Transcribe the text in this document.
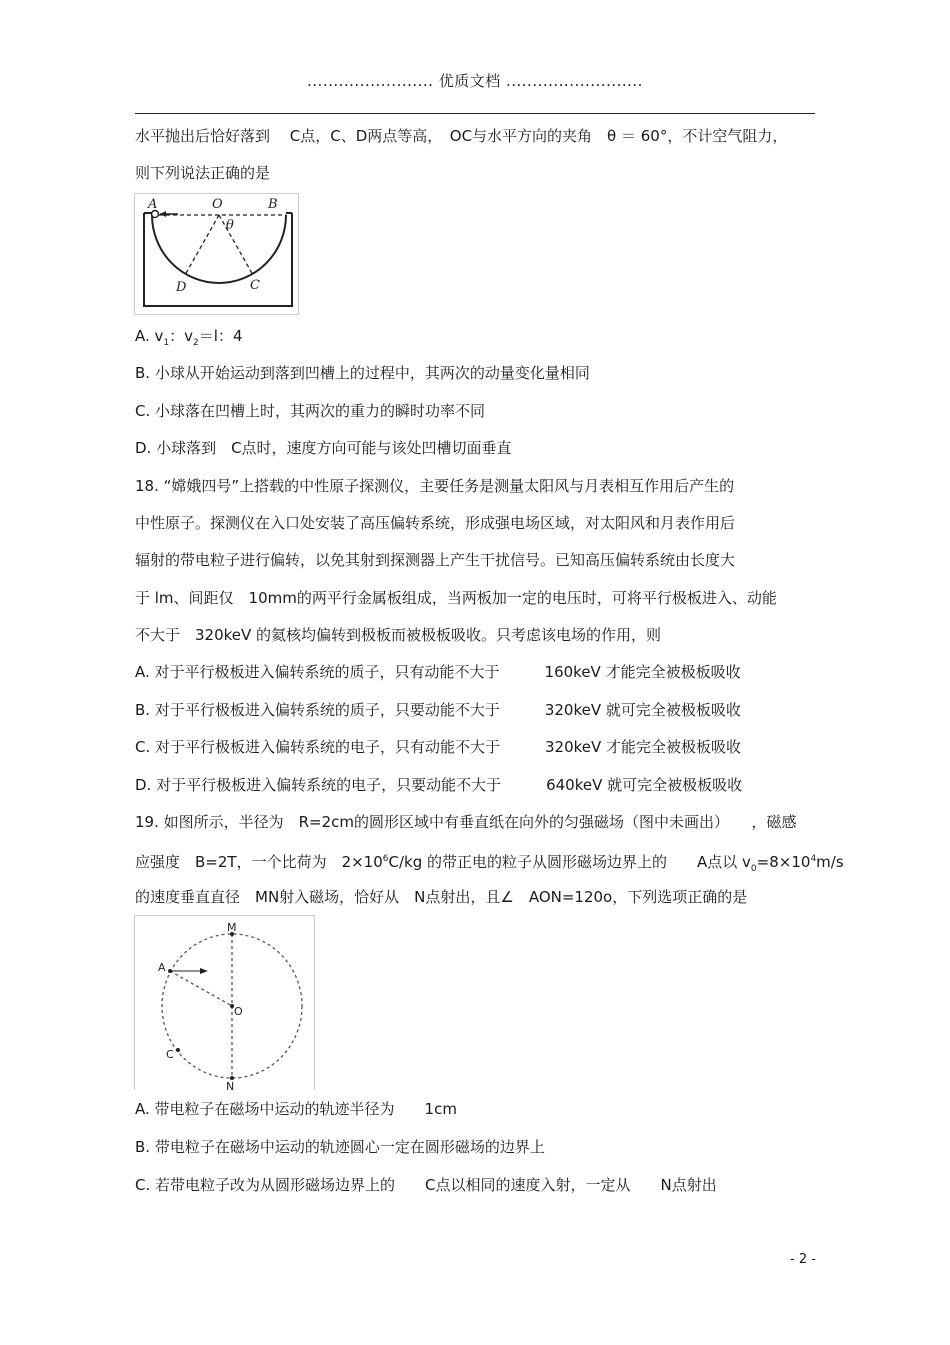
........................ 优质文档 ..........................
水平抛出后恰好落到　 C点，C、D两点等高，　OC与水平方向的夹角　θ ＝ 60°，不计空气阻力，
则下列说法正确的是
A	O	B
θ
D	C
A. $v_1$：$v_2=l$：4
B. 小球从开始运动到落到凹槽上的过程中，其两次的动量变化量相同
C. 小球落在凹槽上时，其两次的重力的瞬时功率不同
D. 小球落到　C点时，速度方向可能与该处凹槽切面垂直
18. “嫦娥四号”上搭载的中性原子探测仪，主要任务是测量太阳风与月表相互作用后产生的
中性原子。探测仪在入口处安装了高压偏转系统，形成强电场区域，对太阳风和月表作用后
辐射的带电粒子进行偏转，以免其射到探测器上产生干扰信号。已知高压偏转系统由长度大
于 lm、间距仅　10mm的两平行金属板组成，当两板加一定的电压时，可将平行极板进入、动能
不大于　320keV 的氦核均偏转到极板而被极板吸收。只考虑该电场的作用，则
A. 对于平行极板进入偏转系统的质子，只有动能不大于　　　160keV 才能完全被极板吸收
B. 对于平行极板进入偏转系统的质子，只要动能不大于　　　320keV 就可完全被极板吸收
C. 对于平行极板进入偏转系统的电子，只有动能不大于　　　320keV 才能完全被极板吸收
D. 对于平行极板进入偏转系统的电子，只要动能不大于　　　640keV 就可完全被极板吸收
19. 如图所示，半径为　R=2cm的圆形区域中有垂直纸在向外的匀强磁场（图中未画出）　　，磁感
应强度　B=2T，一个比荷为　$2\times 10^6C/kg$ 的带正电的粒子从圆形磁场边界上的　　A点以 $v_0=8\times 10^4m/s$
的速度垂直直径　MN射入磁场，恰好从　N点射出，且∠　AON=120o，下列选项正确的是
M
A
O
C
N
A. 带电粒子在磁场中运动的轨迹半径为　　1cm
B. 带电粒子在磁场中运动的轨迹圆心一定在圆形磁场的边界上
C. 若带电粒子改为从圆形磁场边界上的　　C点以相同的速度入射，一定从　　N点射出
- 2 -
